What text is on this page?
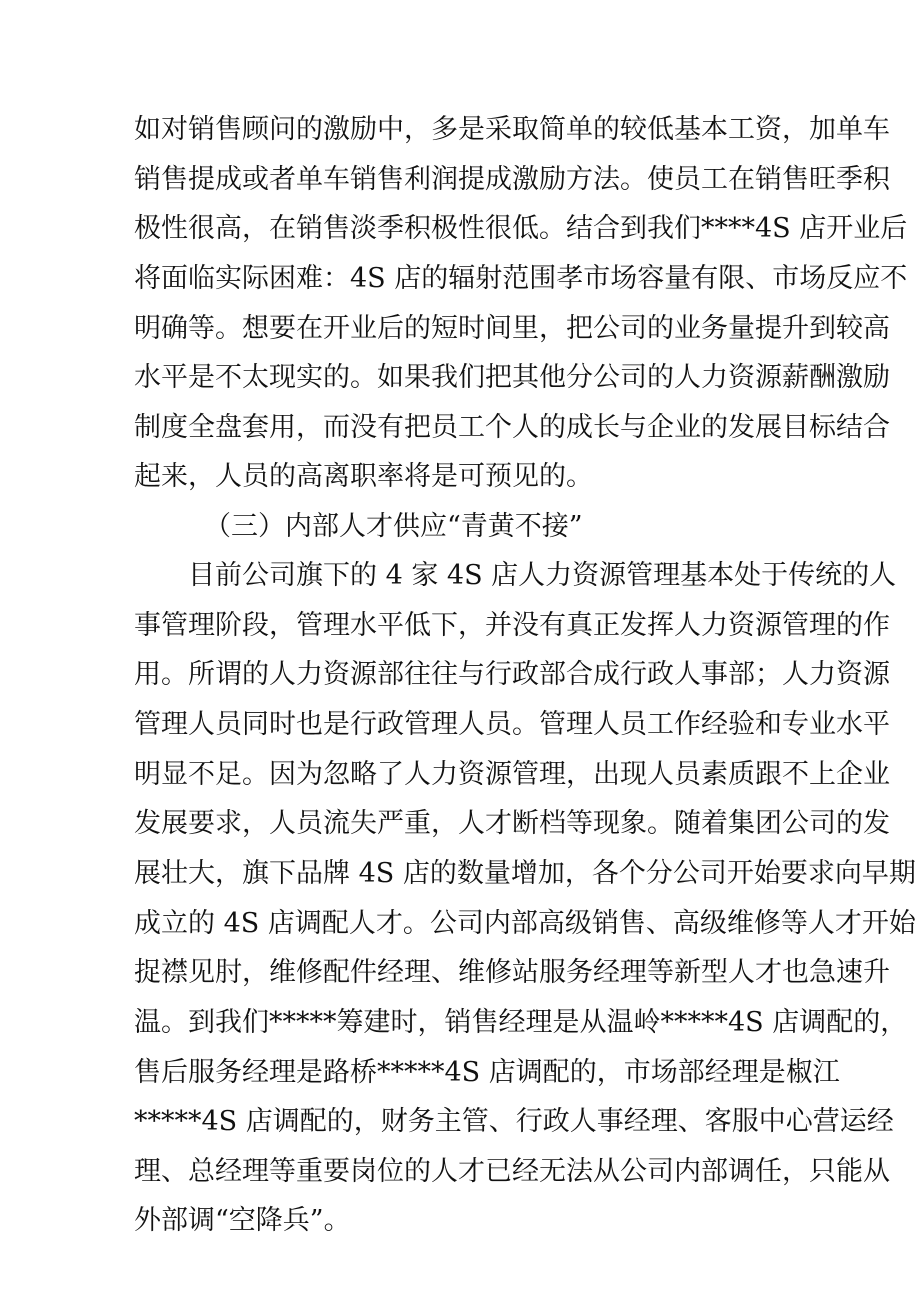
如对销售顾问的激励中，多是采取简单的较低基本工资，加单车
销售提成或者单车销售利润提成激励方法。使员工在销售旺季积
极性很高，在销售淡季积极性很低。结合到我们****4S 店开业后
将面临实际困难：4S 店的辐射范围孝市场容量有限、市场反应不
明确等。想要在开业后的短时间里，把公司的业务量提升到较高
水平是不太现实的。如果我们把其他分公司的人力资源薪酬激励
制度全盘套用，而没有把员工个人的成长与企业的发展目标结合
起来，人员的高离职率将是可预见的。
（三）内部人才供应“青黄不接”
目前公司旗下的 4 家 4S 店人力资源管理基本处于传统的人
事管理阶段，管理水平低下，并没有真正发挥人力资源管理的作
用。所谓的人力资源部往往与行政部合成行政人事部；人力资源
管理人员同时也是行政管理人员。管理人员工作经验和专业水平
明显不足。因为忽略了人力资源管理，出现人员素质跟不上企业
发展要求，人员流失严重，人才断档等现象。随着集团公司的发
展壮大，旗下品牌 4S 店的数量增加，各个分公司开始要求向早期
成立的 4S 店调配人才。公司内部高级销售、高级维修等人才开始
捉襟见肘，维修配件经理、维修站服务经理等新型人才也急速升
温。到我们*****筹建时，销售经理是从温岭*****4S 店调配的，
售后服务经理是路桥*****4S 店调配的，市场部经理是椒江
*****4S 店调配的，财务主管、行政人事经理、客服中心营运经
理、总经理等重要岗位的人才已经无法从公司内部调任，只能从
外部调“空降兵”。
